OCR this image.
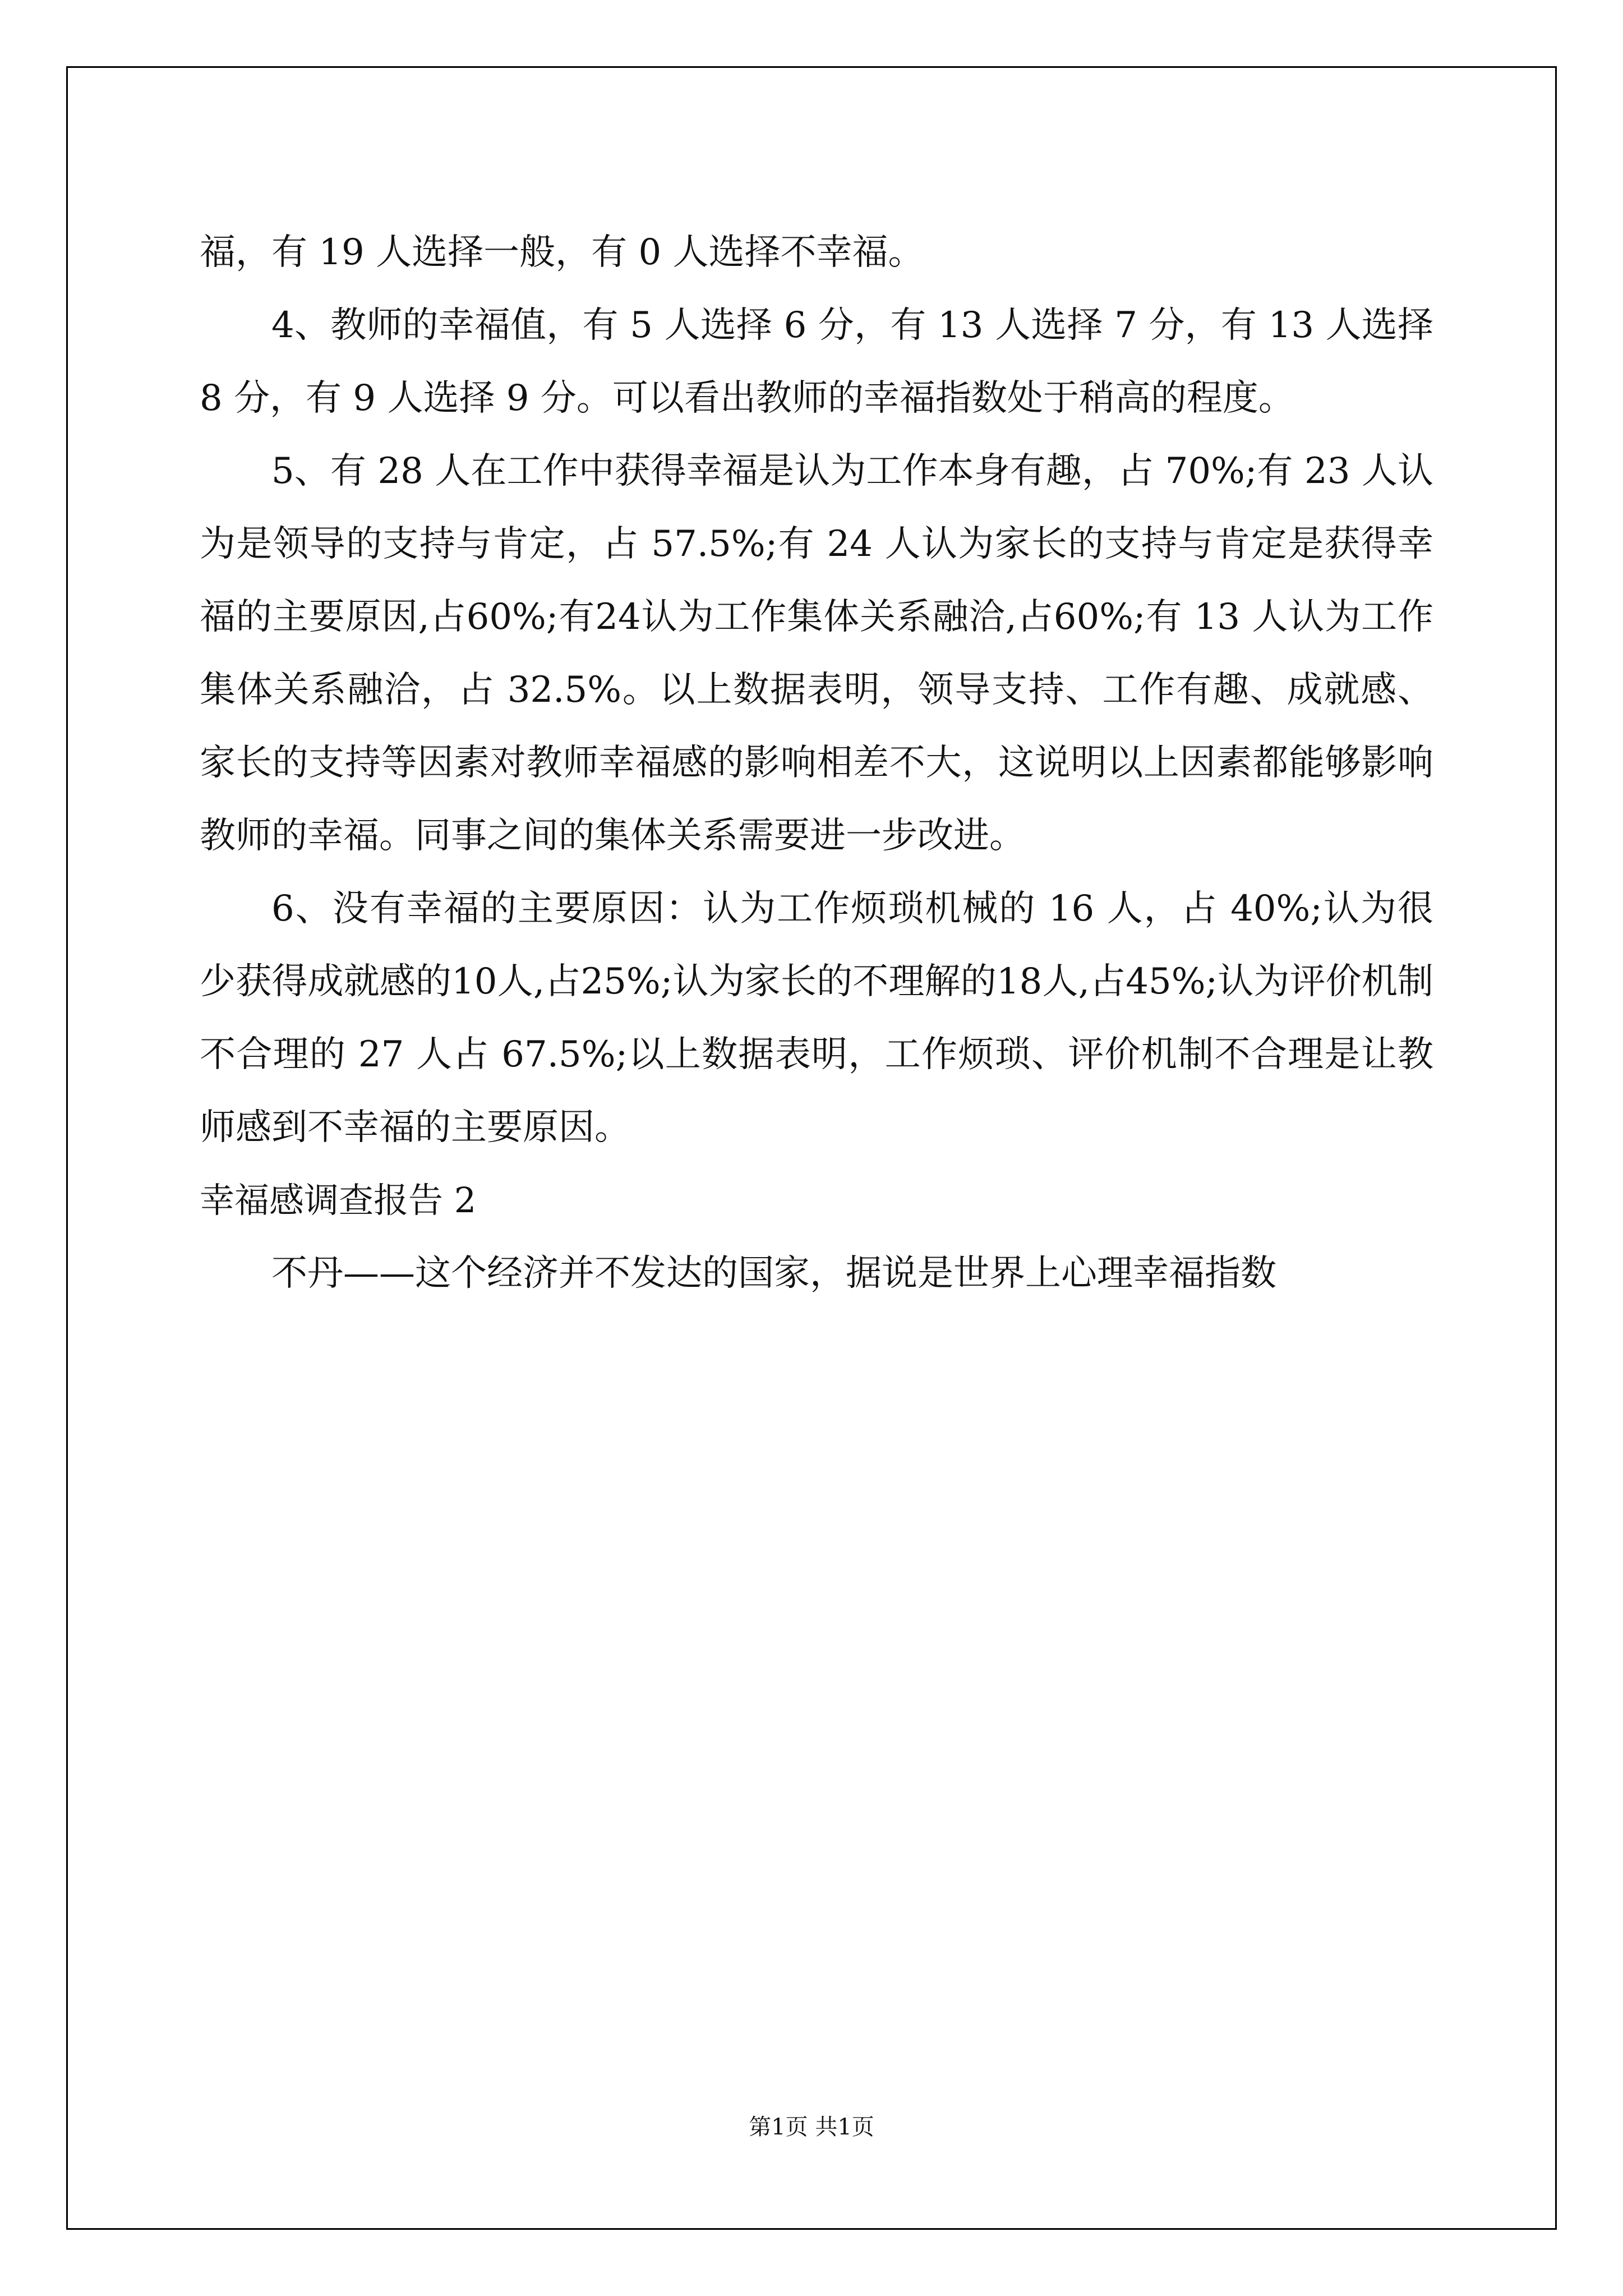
福，有 19 人选择一般，有 0 人选择不幸福。

4、教师的幸福值，有 5 人选择 6 分，有 13 人选择 7 分，有 13 人选择 8 分，有 9 人选择 9 分。可以看出教师的幸福指数处于稍高的程度。

5、有 28 人在工作中获得幸福是认为工作本身有趣，占 70%;有 23 人认为是领导的支持与肯定，占 57.5%;有 24 人认为家长的支持与肯定是获得幸福的主要原因,占60%;有24认为工作集体关系融洽,占60%;有 13 人认为工作集体关系融洽，占 32.5%。以上数据表明，领导支持、工作有趣、成就感、家长的支持等因素对教师幸福感的影响相差不大，这说明以上因素都能够影响教师的幸福。同事之间的集体关系需要进一步改进。

6、没有幸福的主要原因：认为工作烦琐机械的 16 人，占 40%;认为很少获得成就感的10人,占25%;认为家长的不理解的18人,占45%;认为评价机制不合理的 27 人占 67.5%;以上数据表明，工作烦琐、评价机制不合理是让教师感到不幸福的主要原因。

幸福感调查报告 2

不丹——这个经济并不发达的国家，据说是世界上心理幸福指数

第1页 共1页
